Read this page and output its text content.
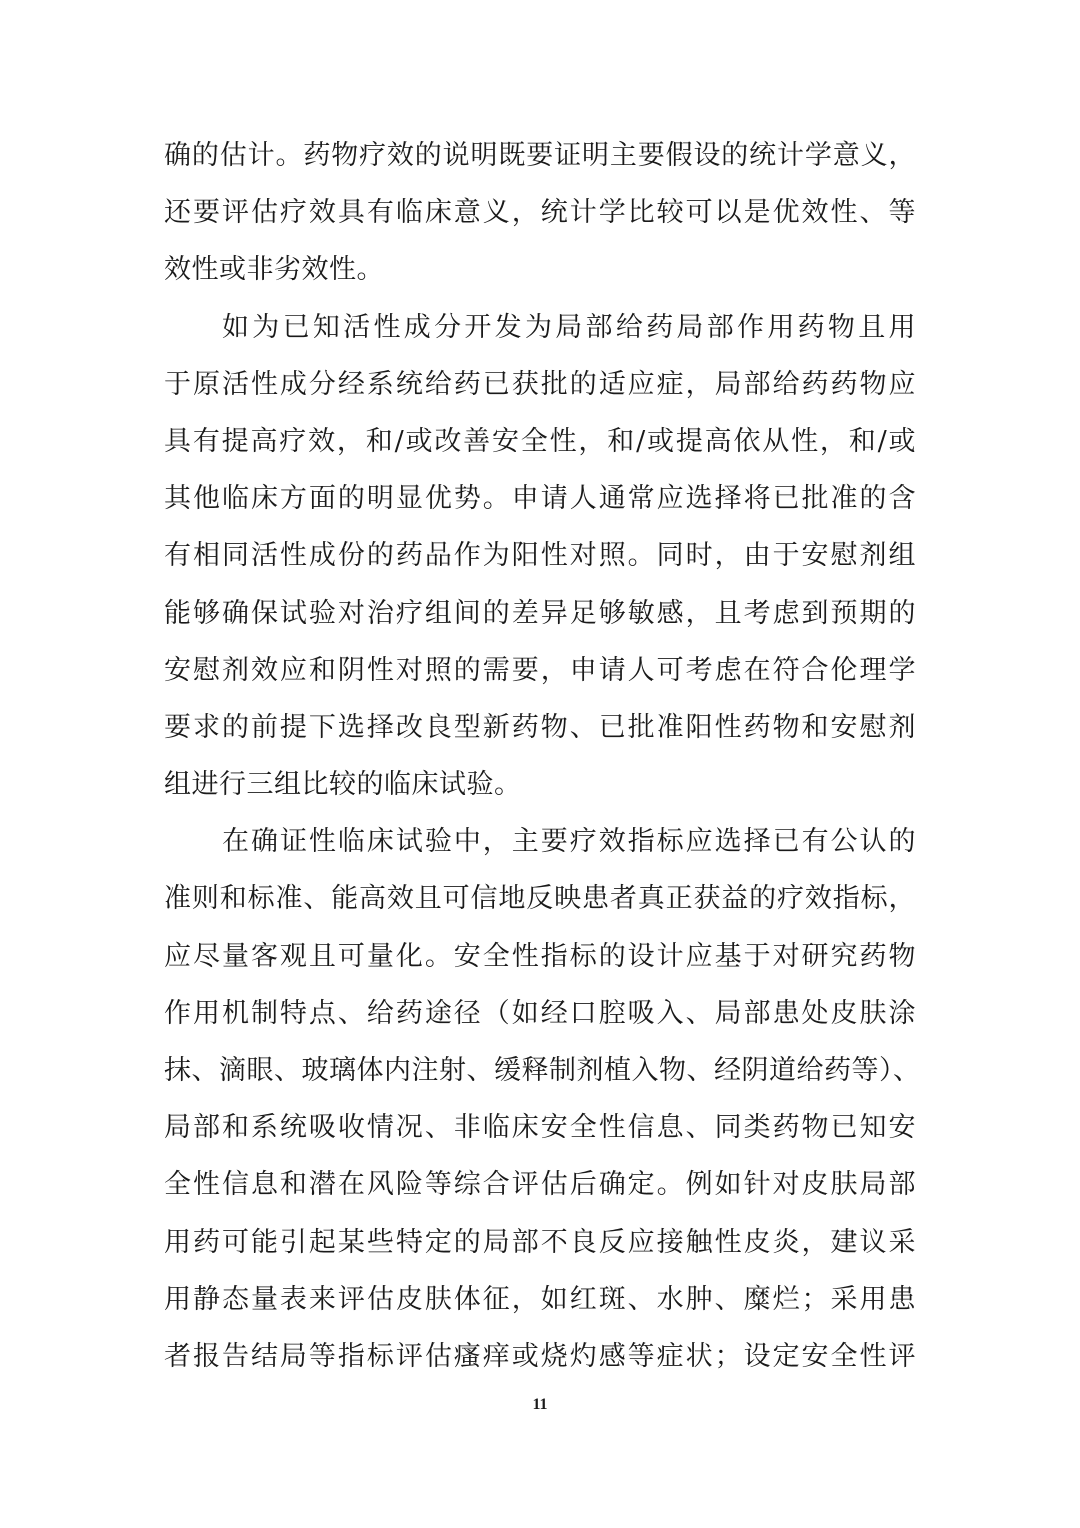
确的估计。药物疗效的说明既要证明主要假设的统计学意义，
还要评估疗效具有临床意义，统计学比较可以是优效性、等
效性或非劣效性。
如为已知活性成分开发为局部给药局部作用药物且用
于原活性成分经系统给药已获批的适应症，局部给药药物应
具有提高疗效，和/或改善安全性，和/或提高依从性，和/或
其他临床方面的明显优势。申请人通常应选择将已批准的含
有相同活性成份的药品作为阳性对照。同时，由于安慰剂组
能够确保试验对治疗组间的差异足够敏感，且考虑到预期的
安慰剂效应和阴性对照的需要，申请人可考虑在符合伦理学
要求的前提下选择改良型新药物、已批准阳性药物和安慰剂
组进行三组比较的临床试验。
在确证性临床试验中，主要疗效指标应选择已有公认的
准则和标准、能高效且可信地反映患者真正获益的疗效指标，
应尽量客观且可量化。安全性指标的设计应基于对研究药物
作用机制特点、给药途径（如经口腔吸入、局部患处皮肤涂
抹、滴眼、玻璃体内注射、缓释制剂植入物、经阴道给药等）、
局部和系统吸收情况、非临床安全性信息、同类药物已知安
全性信息和潜在风险等综合评估后确定。例如针对皮肤局部
用药可能引起某些特定的局部不良反应接触性皮炎，建议采
用静态量表来评估皮肤体征，如红斑、水肿、糜烂；采用患
者报告结局等指标评估瘙痒或烧灼感等症状；设定安全性评
11
